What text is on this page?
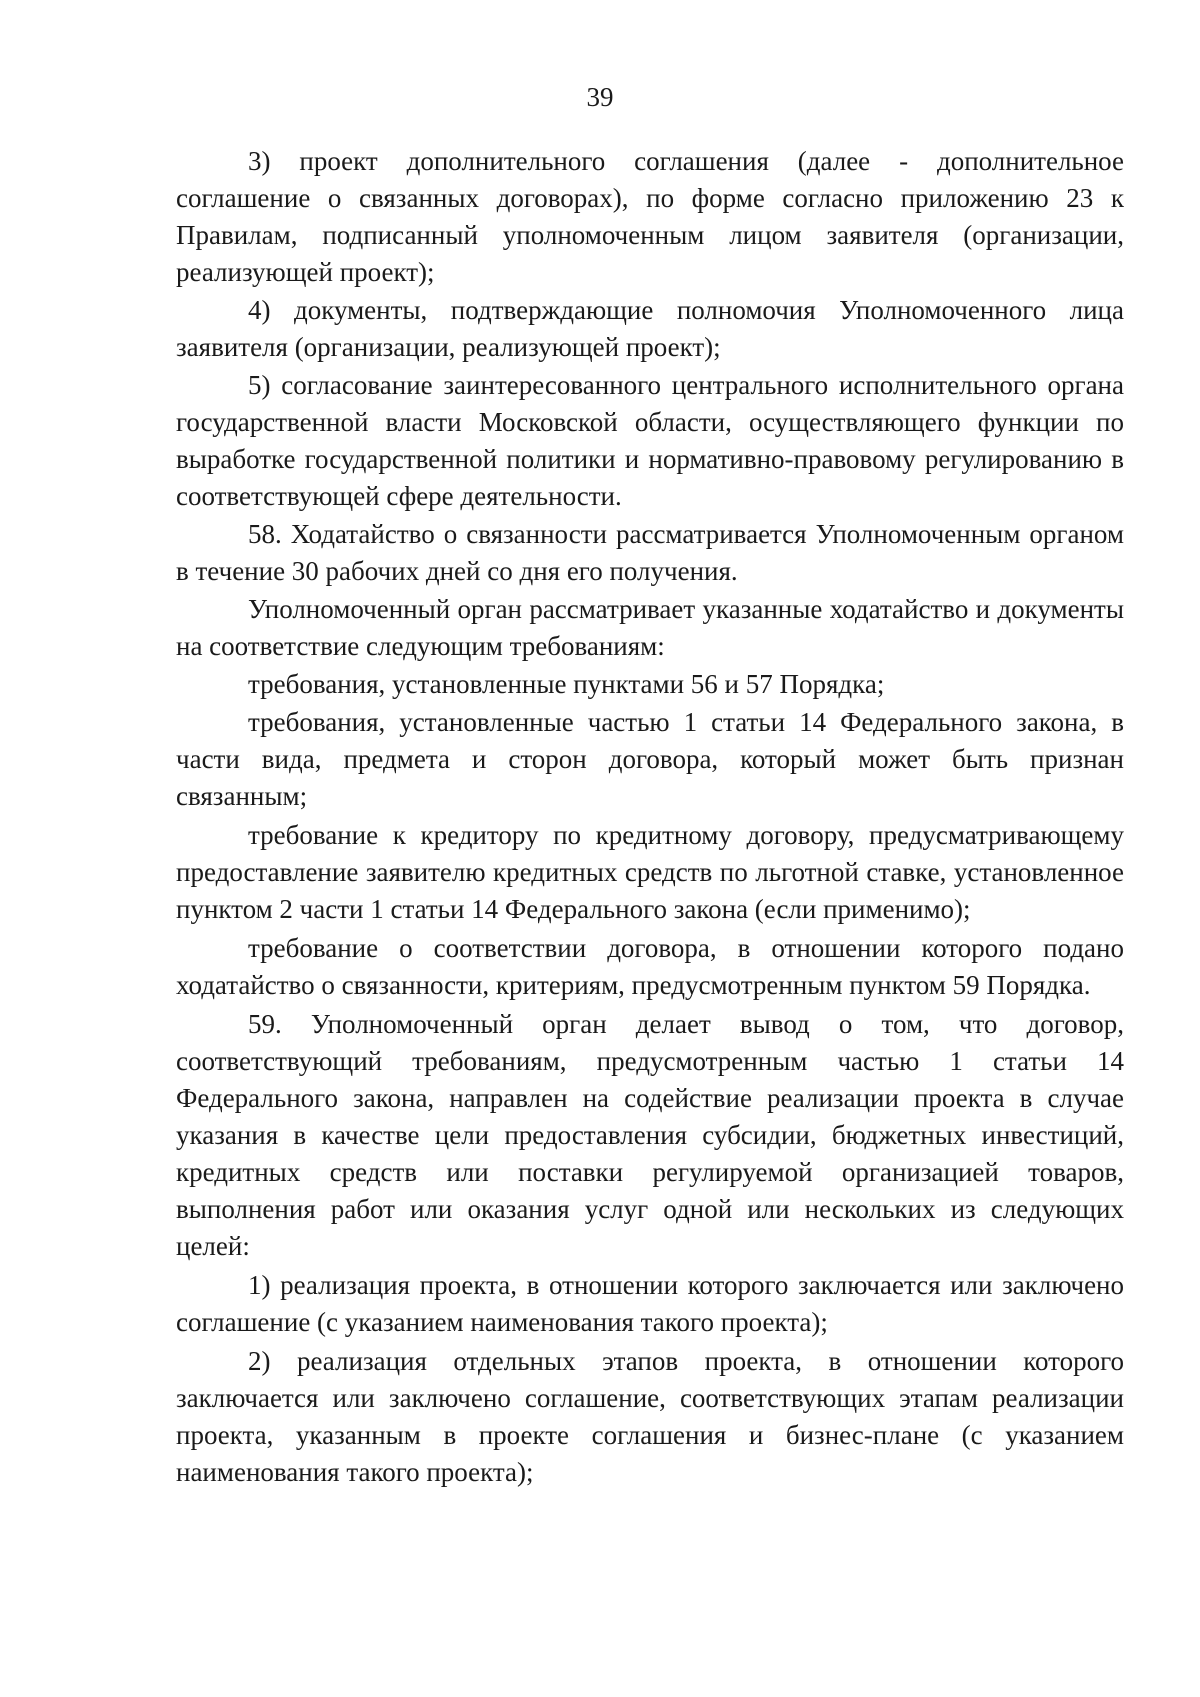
39

3) проект дополнительного соглашения (далее - дополнительное соглашение о связанных договорах), по форме согласно приложению 23 к Правилам, подписанный уполномоченным лицом заявителя (организации, реализующей проект);

4) документы, подтверждающие полномочия Уполномоченного лица заявителя (организации, реализующей проект);

5) согласование заинтересованного центрального исполнительного органа государственной власти Московской области, осуществляющего функции по выработке государственной политики и нормативно-правовому регулированию в соответствующей сфере деятельности.

58. Ходатайство о связанности рассматривается Уполномоченным органом в течение 30 рабочих дней со дня его получения.

Уполномоченный орган рассматривает указанные ходатайство и документы на соответствие следующим требованиям:

требования, установленные пунктами 56 и 57 Порядка;

требования, установленные частью 1 статьи 14 Федерального закона, в части вида, предмета и сторон договора, который может быть признан связанным;

требование к кредитору по кредитному договору, предусматривающему предоставление заявителю кредитных средств по льготной ставке, установленное пунктом 2 части 1 статьи 14 Федерального закона (если применимо);

требование о соответствии договора, в отношении которого подано ходатайство о связанности, критериям, предусмотренным пунктом 59 Порядка.

59. Уполномоченный орган делает вывод о том, что договор, соответствующий требованиям, предусмотренным частью 1 статьи 14 Федерального закона, направлен на содействие реализации проекта в случае указания в качестве цели предоставления субсидии, бюджетных инвестиций, кредитных средств или поставки регулируемой организацией товаров, выполнения работ или оказания услуг одной или нескольких из следующих целей:

1) реализация проекта, в отношении которого заключается или заключено соглашение (с указанием наименования такого проекта);

2) реализация отдельных этапов проекта, в отношении которого заключается или заключено соглашение, соответствующих этапам реализации проекта, указанным в проекте соглашения и бизнес-плане (с указанием наименования такого проекта);
